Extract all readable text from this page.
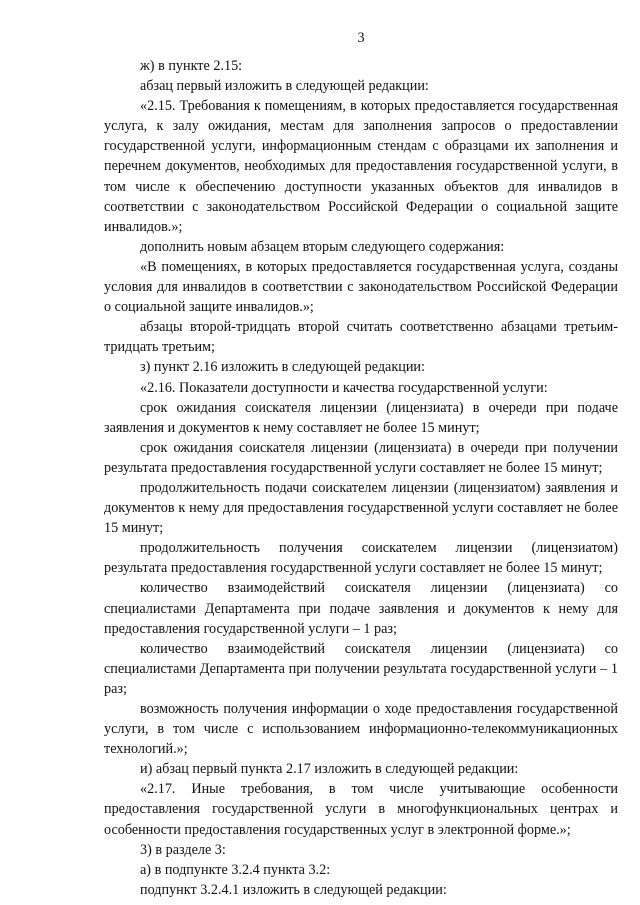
3

ж) в пункте 2.15:

абзац первый изложить в следующей редакции:

«2.15. Требования к помещениям, в которых предоставляется государственная услуга, к залу ожидания, местам для заполнения запросов о предоставлении государственной услуги, информационным стендам с образцами их заполнения и перечнем документов, необходимых для предоставления государственной услуги, в том числе к обеспечению доступности указанных объектов для инвалидов в соответствии с законодательством Российской Федерации о социальной защите инвалидов.»;

дополнить новым абзацем вторым следующего содержания:

«В помещениях, в которых предоставляется государственная услуга, созданы условия для инвалидов в соответствии с законодательством Российской Федерации о социальной защите инвалидов.»;

абзацы второй-тридцать второй считать соответственно абзацами третьим-тридцать третьим;

з) пункт 2.16 изложить в следующей редакции:

«2.16. Показатели доступности и качества государственной услуги:

срок ожидания соискателя лицензии (лицензиата) в очереди при подаче заявления и документов к нему составляет не более 15 минут;

срок ожидания соискателя лицензии (лицензиата) в очереди при получении результата предоставления государственной услуги составляет не более 15 минут;

продолжительность подачи соискателем лицензии (лицензиатом) заявления и документов к нему для предоставления государственной услуги составляет не более 15 минут;

продолжительность получения соискателем лицензии (лицензиатом) результата предоставления государственной услуги составляет не более 15 минут;

количество взаимодействий соискателя лицензии (лицензиата) со специалистами Департамента при подаче заявления и документов к нему для предоставления государственной услуги – 1 раз;

количество взаимодействий соискателя лицензии (лицензиата) со специалистами Департамента при получении результата государственной услуги – 1 раз;

возможность получения информации о ходе предоставления государственной услуги, в том числе с использованием информационно-телекоммуникационных технологий.»;

и) абзац первый пункта 2.17 изложить в следующей редакции:

«2.17. Иные требования, в том числе учитывающие особенности предоставления государственной услуги в многофункциональных центрах и особенности предоставления государственных услуг в электронной форме.»;

3) в разделе 3:

а) в подпункте 3.2.4 пункта 3.2:

подпункт 3.2.4.1 изложить в следующей редакции:
